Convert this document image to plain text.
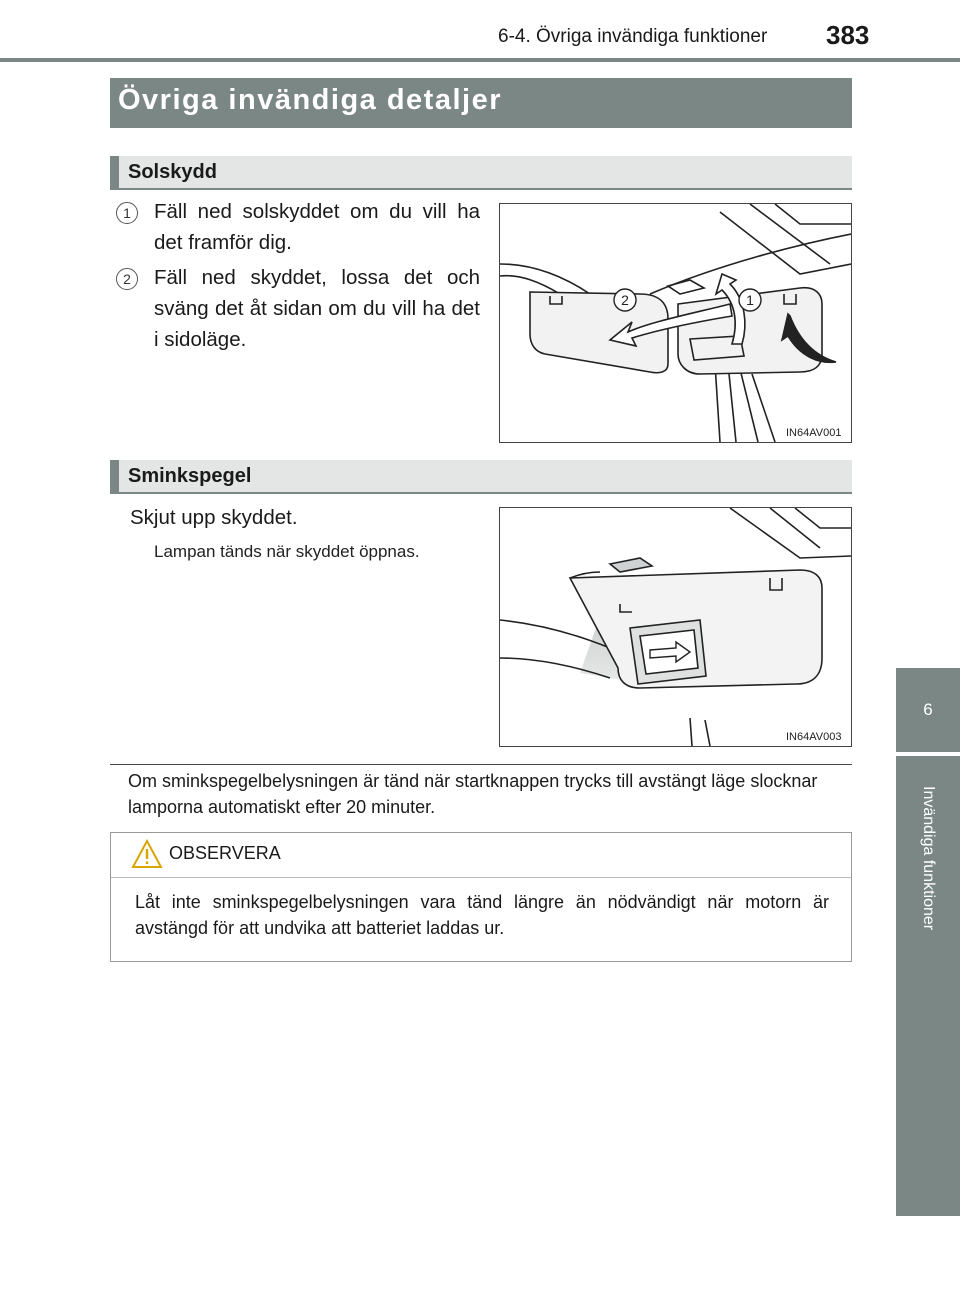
6-4. Övriga invändiga funktioner 383
6
Invändiga funktioner
Övriga invändiga detaljer
Solskydd
1	Fäll ned solskyddet om du vill ha det framför dig.
2	Fäll ned skyddet, lossa det och sväng det åt sidan om du vill ha det i sidoläge.
2	1
IN64AV001
Sminkspegel
Skjut upp skyddet.
Lampan tänds när skyddet öppnas.
IN64AV003
Om sminkspegelbelysningen är tänd när startknappen trycks till avstängt läge slocknar lamporna automatiskt efter 20 minuter.
OBSERVERA
Låt inte sminkspegelbelysningen vara tänd längre än nödvändigt när motorn är avstängd för att undvika att batteriet laddas ur.
